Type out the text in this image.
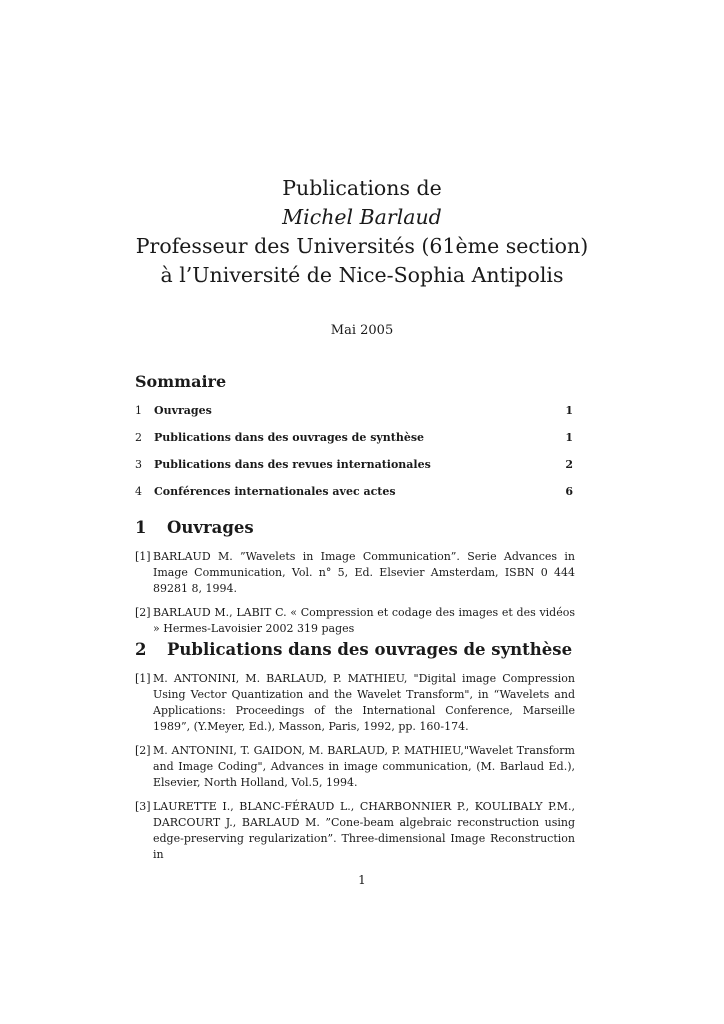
Publications de
Michel Barlaud
Professeur des Universités (61ème section)
à l’Université de Nice-Sophia Antipolis
Mai 2005
Sommaire
1	Ouvrages	1
2	Publications dans des ouvrages de synthèse	1
3	Publications dans des revues internationales	2
4	Conférences internationales avec actes	6
1	Ouvrages
[1] BARLAUD M. ”Wavelets in Image Communication”. Serie Advances in Image Communication, Vol. n° 5, Ed. Elsevier Amsterdam, ISBN 0 444 89281 8, 1994.
[2] BARLAUD M., LABIT C. « Compression et codage des images et des vidéos » Hermes-Lavoisier 2002 319 pages
2	Publications dans des ouvrages de synthèse
[1] M. ANTONINI, M. BARLAUD, P. MATHIEU, "Digital image Compression Using Vector Quantization and the Wavelet Transform", in “Wavelets and Applications: Proceedings of the International Conference, Marseille 1989”, (Y.Meyer, Ed.), Masson, Paris, 1992, pp. 160-174.
[2] M. ANTONINI, T. GAIDON, M. BARLAUD, P. MATHIEU,"Wavelet Transform and Image Coding", Advances in image communication, (M. Barlaud Ed.), Elsevier, North Holland, Vol.5, 1994.
[3] LAURETTE I., BLANC-FÉRAUD L., CHARBONNIER P., KOULIBALY P.M., DARCOURT J., BARLAUD M. ”Cone-beam algebraic reconstruction using edge-preserving regularization”. Three-dimensional Image Reconstruction in
1
